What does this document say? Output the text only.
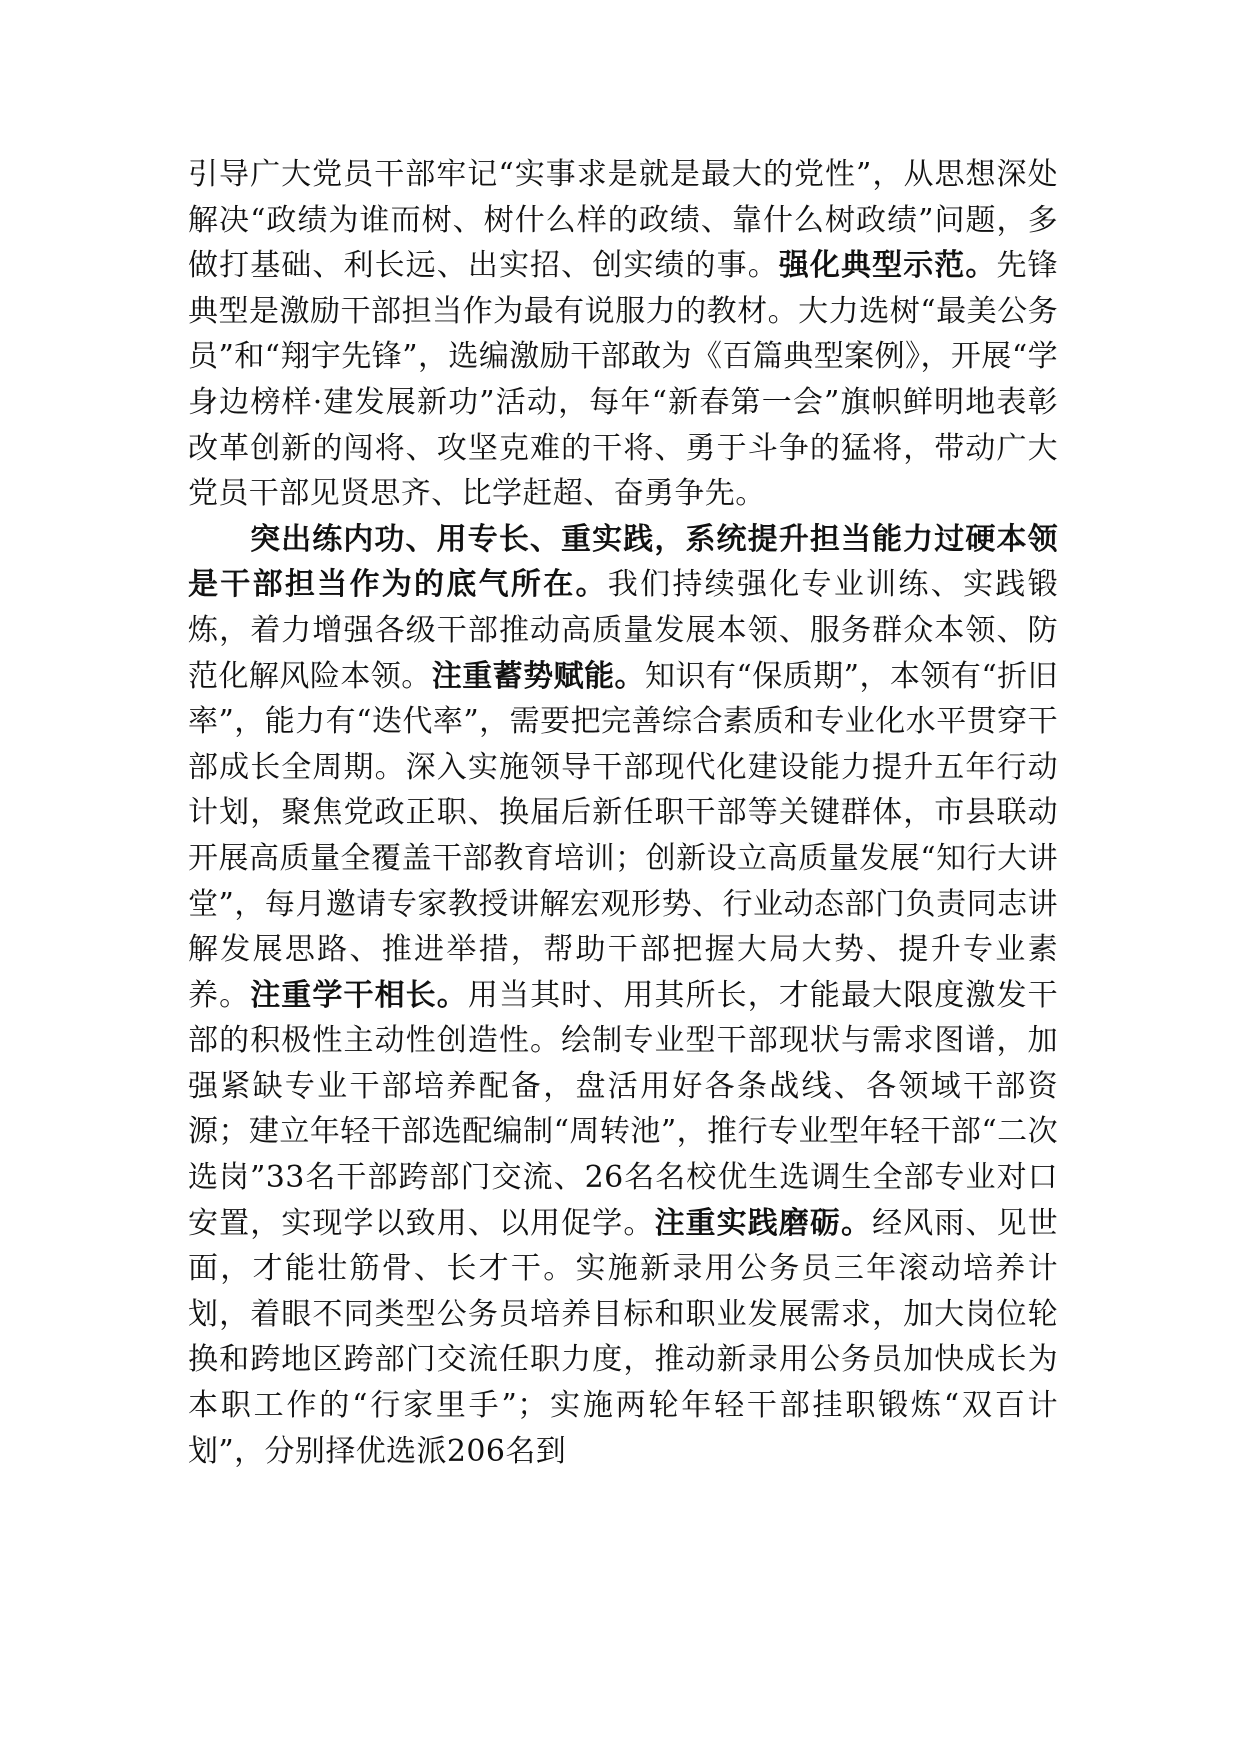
引导广大党员干部牢记“实事求是就是最大的党性”，从思想深处解决“政绩为谁而树、树什么样的政绩、靠什么树政绩”问题，多做打基础、利长远、出实招、创实绩的事。强化典型示范。先锋典型是激励干部担当作为最有说服力的教材。大力选树“最美公务员”和“翔宇先锋”，选编激励干部敢为《百篇典型案例》，开展“学身边榜样·建发展新功”活动，每年“新春第一会”旗帜鲜明地表彰改革创新的闯将、攻坚克难的干将、勇于斗争的猛将，带动广大党员干部见贤思齐、比学赶超、奋勇争先。

突出练内功、用专长、重实践，系统提升担当能力过硬本领是干部担当作为的底气所在。我们持续强化专业训练、实践锻炼，着力增强各级干部推动高质量发展本领、服务群众本领、防范化解风险本领。注重蓄势赋能。知识有“保质期”，本领有“折旧率”，能力有“迭代率”，需要把完善综合素质和专业化水平贯穿干部成长全周期。深入实施领导干部现代化建设能力提升五年行动计划，聚焦党政正职、换届后新任职干部等关键群体，市县联动开展高质量全覆盖干部教育培训；创新设立高质量发展“知行大讲堂”，每月邀请专家教授讲解宏观形势、行业动态部门负责同志讲解发展思路、推进举措，帮助干部把握大局大势、提升专业素养。注重学干相长。用当其时、用其所长，才能最大限度激发干部的积极性主动性创造性。绘制专业型干部现状与需求图谱，加强紧缺专业干部培养配备，盘活用好各条战线、各领域干部资源；建立年轻干部选配编制“周转池”，推行专业型年轻干部“二次选岗”33名干部跨部门交流、26名名校优生选调生全部专业对口安置，实现学以致用、以用促学。注重实践磨砺。经风雨、见世面，才能壮筋骨、长才干。实施新录用公务员三年滚动培养计划，着眼不同类型公务员培养目标和职业发展需求，加大岗位轮换和跨地区跨部门交流任职力度，推动新录用公务员加快成长为本职工作的“行家里手”；实施两轮年轻干部挂职锻炼“双百计划”，分别择优选派206名到
